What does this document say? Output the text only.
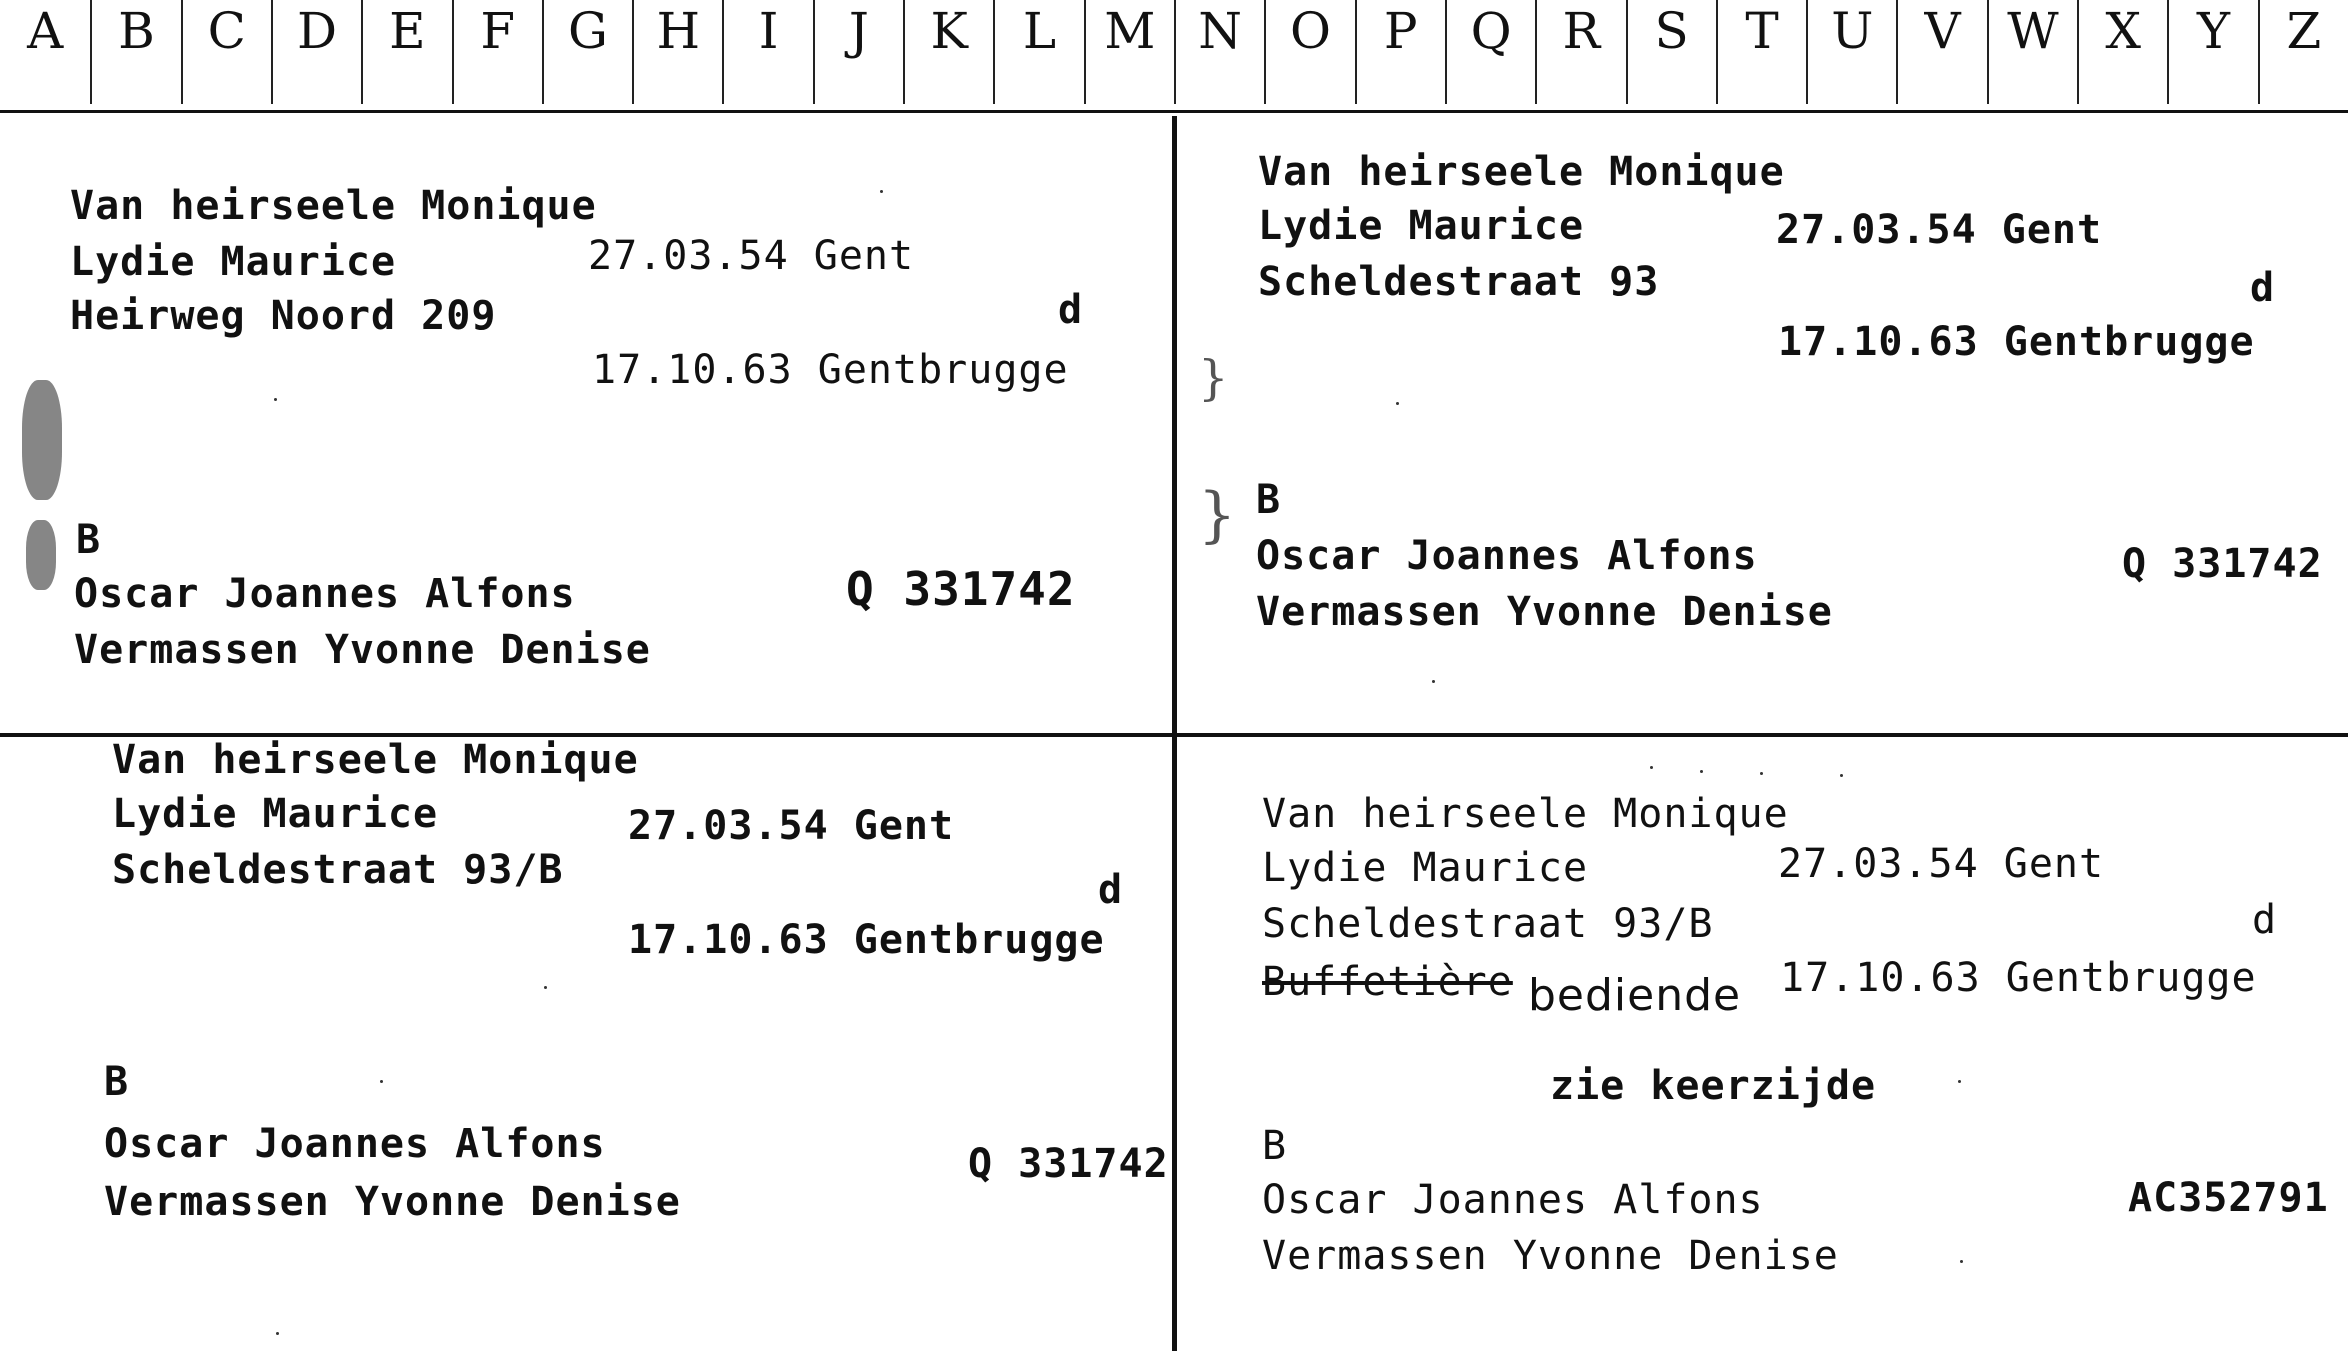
A	B	C	D	E	F	G H	I	J	K	L M N O	P	Q	R	S	T	U	V W X	Y	Z
Van heirseele Monique
Lydie Maurice	27.03.54 Gent
Heirweg Noord 209	d
17.10.63 Gentbrugge
B
Oscar Joannes Alfons
Vermassen Yvonne Denise
Q 331742
Van heirseele Monique
Lydie Maurice	27.03.54 Gent
Scheldestraat 93	d
17.10.63 Gentbrugge
B
Oscar Joannes Alfons
Vermassen Yvonne Denise
Q 331742
}
}
Van heirseele Monique
Lydie Maurice	27.03.54 Gent
Scheldestraat 93/B	d
17.10.63 Gentbrugge
B
Oscar Joannes Alfons
Vermassen Yvonne Denise
Q 331742
Van heirseele Monique
Lydie Maurice	27.03.54 Gent
Scheldestraat 93/B	d
Buffetière bediende 17.10.63 Gentbrugge
zie keerzijde
B
Oscar Joannes Alfons
Vermassen Yvonne Denise
AC352791
